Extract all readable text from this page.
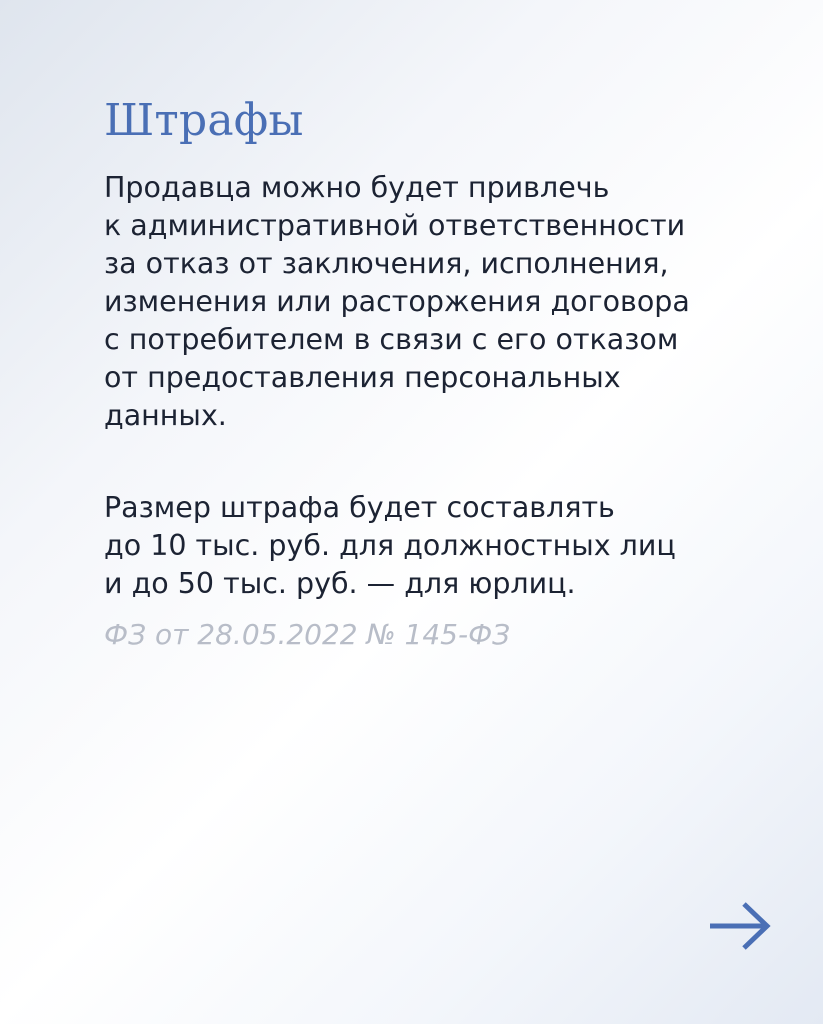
Штрафы
Продавца можно будет привлечь
к административной ответственности
за отказ от заключения, исполнения,
изменения или расторжения договора
с потребителем в связи с его отказом
от предоставления персональных
данных.
Размер штрафа будет составлять
до 10 тыс. руб. для должностных лиц
и до 50 тыс. руб. — для юрлиц.
ФЗ от 28.05.2022 № 145-ФЗ
